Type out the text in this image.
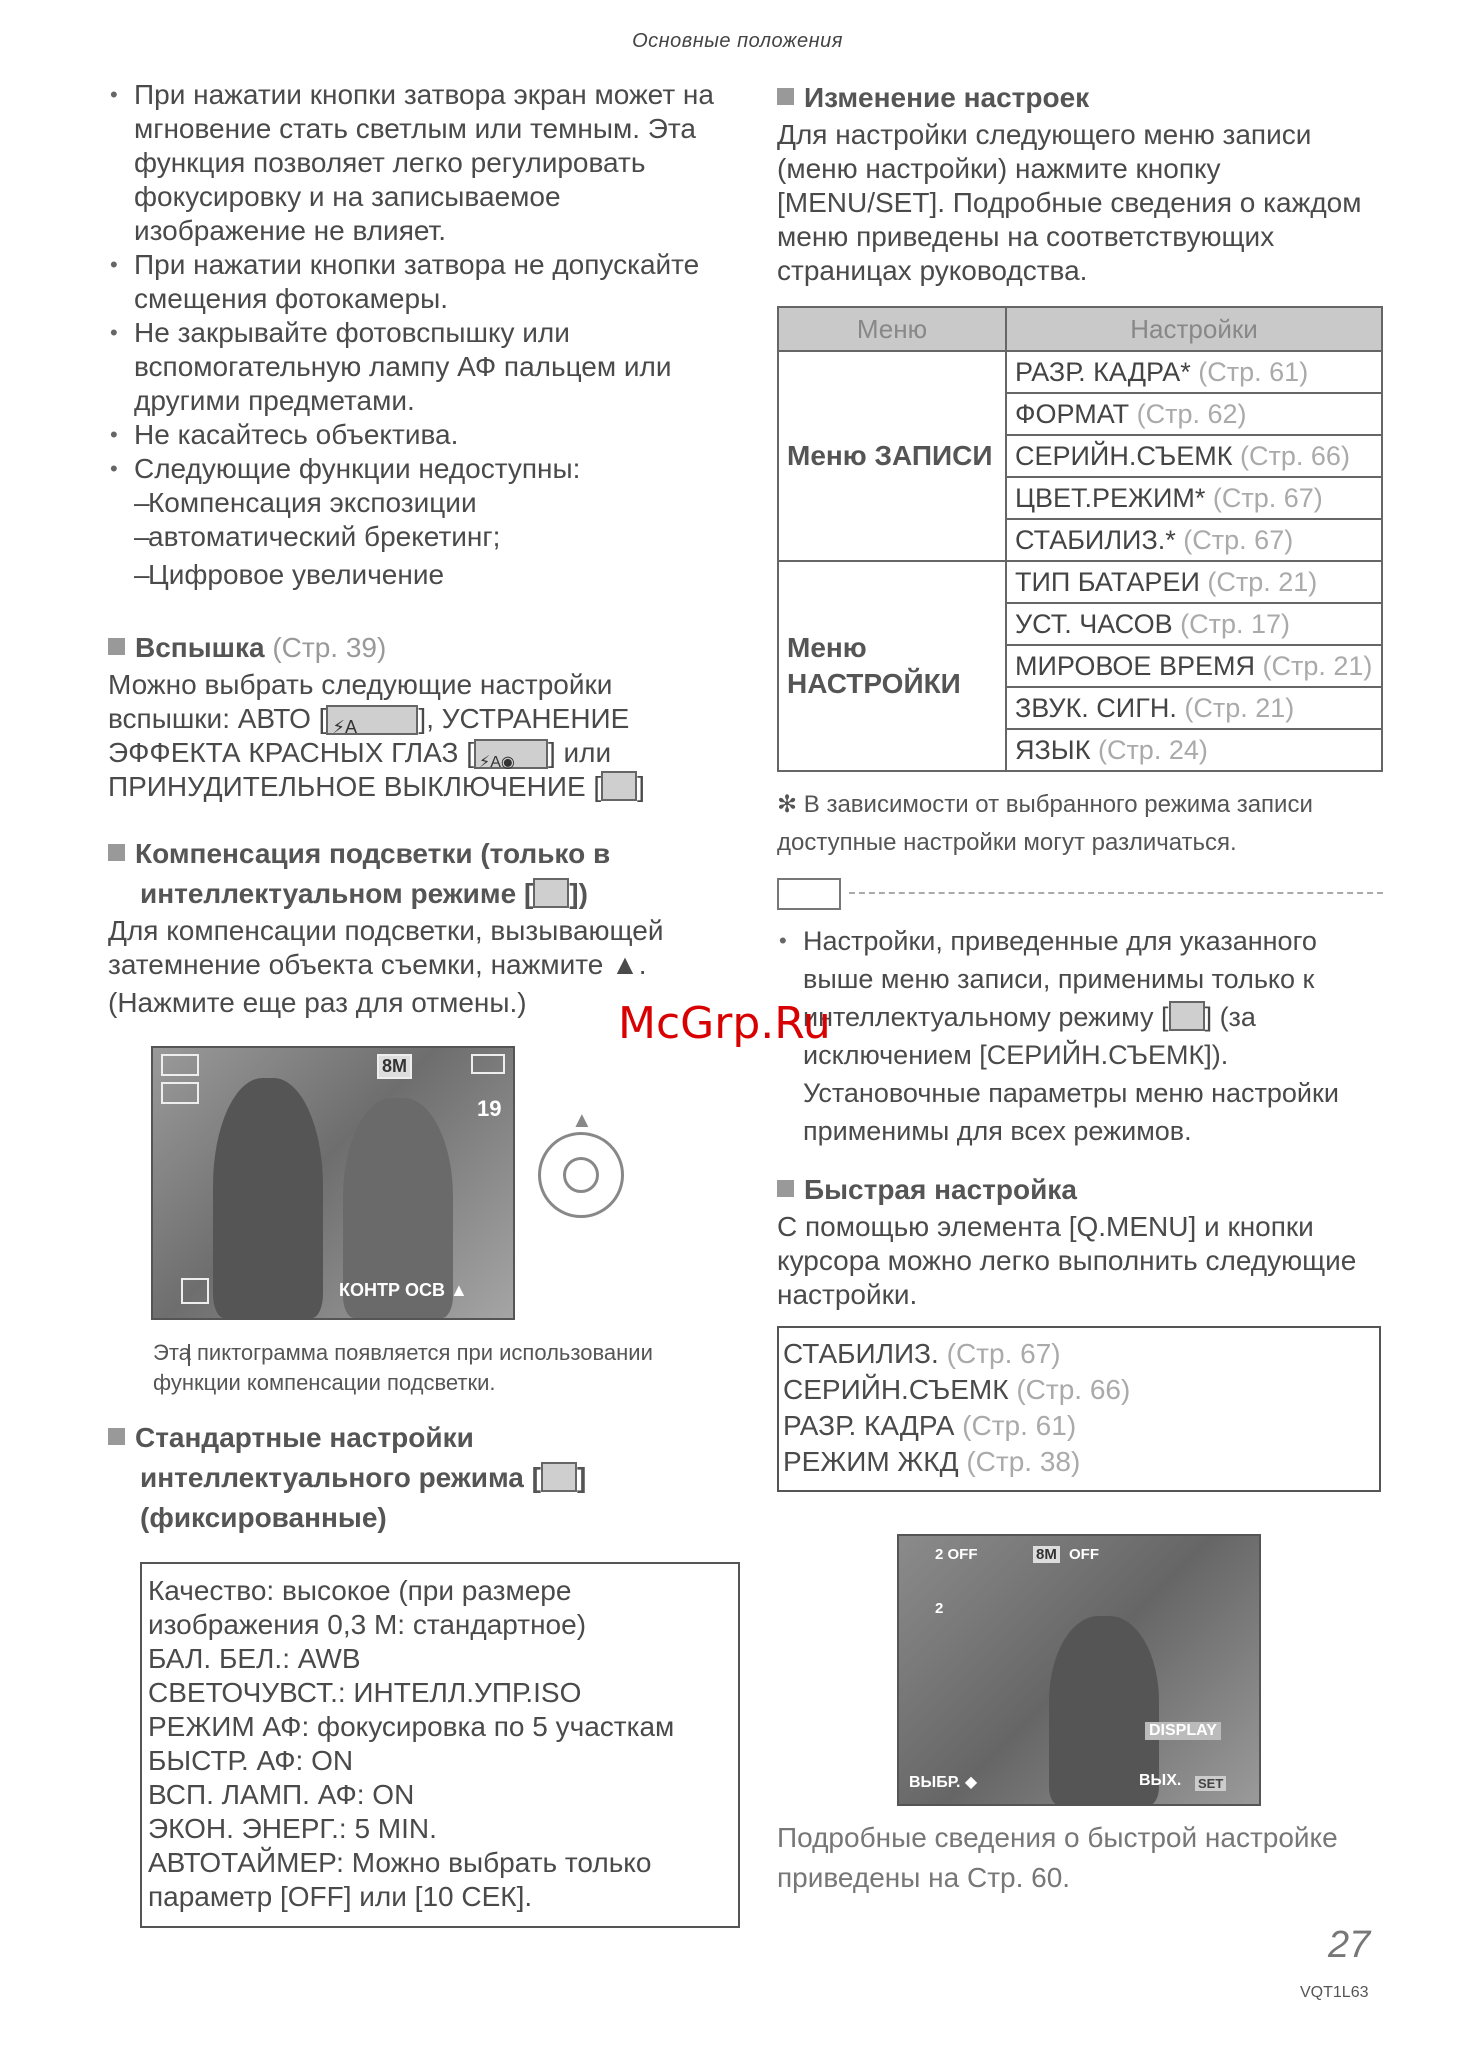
Основные положения
• При нажатии кнопки затвора экран может на мгновение стать светлым или темным. Эта функция позволяет легко регулировать фокусировку и на записываемое изображение не влияет.
• При нажатии кнопки затвора не допускайте смещения фотокамеры.
• Не закрывайте фотовспышку или вспомогательную лампу АФ пальцем или другими предметами.
• Не касайтесь объектива.
• Следующие функции недоступны:
–Компенсация экспозиции
–автоматический брекетинг;
–Цифровое увеличение
Вспышка (Стр. 39)
Можно выбрать следующие настройки вспышки: АВТО [ ⚡A ], УСТРАНЕНИЕ ЭФФЕКТА КРАСНЫХ ГЛАЗ [ ⚡A◉ ] или ПРИНУДИТЕЛЬНОЕ ВЫКЛЮЧЕНИЕ [ ]
Компенсация подсветки (только в
интеллектуальном режиме [ ])
Для компенсации подсветки, вызывающей затемнение объекта съемки, нажмите ▲.
(Нажмите еще раз для отмены.)
8M
19
КОНТР ОСВ ▲
▲
Эта пиктограмма появляется при использовании функции компенсации подсветки.
Стандартные настройки
интеллектуального режима [ ]
(фиксированные)
Качество: высокое (при размере изображения 0,3 M: стандартное)
БАЛ. БЕЛ.: AWB
СВЕТОЧУВСТ.: ИНТЕЛЛ.УПР.ISO
РЕЖИМ АФ: фокусировка по 5 участкам
БЫСТР. АФ: ON
ВСП. ЛАМП. АФ: ON
ЭКОН. ЭНЕРГ.: 5 MIN.
АВТОТАЙМЕР: Можно выбрать только параметр [OFF] или [10 СЕК].
Изменение настроек
Для настройки следующего меню записи (меню настройки) нажмите кнопку [MENU/SET]. Подробные сведения о каждом меню приведены на соответствующих страницах руководства.
Меню	Настройки
Меню ЗАПИСИ	РАЗР. КАДРА* (Стр. 61)
	ФОРМАТ (Стр. 62)
	СЕРИЙН.СЪЕМК (Стр. 66)
	ЦВЕТ.РЕЖИМ* (Стр. 67)
	СТАБИЛИЗ.* (Стр. 67)
Меню НАСТРОЙКИ	ТИП БАТАРЕИ (Стр. 21)
	УСТ. ЧАСОВ (Стр. 17)
	МИРОВОЕ ВРЕМЯ (Стр. 21)
	ЗВУК. СИГН. (Стр. 21)
	ЯЗЫК (Стр. 24)
✻ В зависимости от выбранного режима записи доступные настройки могут различаться.
• Настройки, приведенные для указанного выше меню записи, применимы только к интеллектуальному режиму [ ] (за исключением [СЕРИЙН.СЪЕМК]). Установочные параметры меню настройки применимы для всех режимов.
Быстрая настройка
С помощью элемента [Q.MENU] и кнопки курсора можно легко выполнить следующие настройки.
СТАБИЛИЗ. (Стр. 67)
СЕРИЙН.СЪЕМК (Стр. 66)
РАЗР. КАДРА (Стр. 61)
РЕЖИМ ЖКД (Стр. 38)
2 OFF	8M OFF
2
DISPLAY
ВЫБР. ◆	ВЫХ. SET
Подробные сведения о быстрой настройке приведены на Стр. 60.
McGrp.Ru
27
VQT1L63
